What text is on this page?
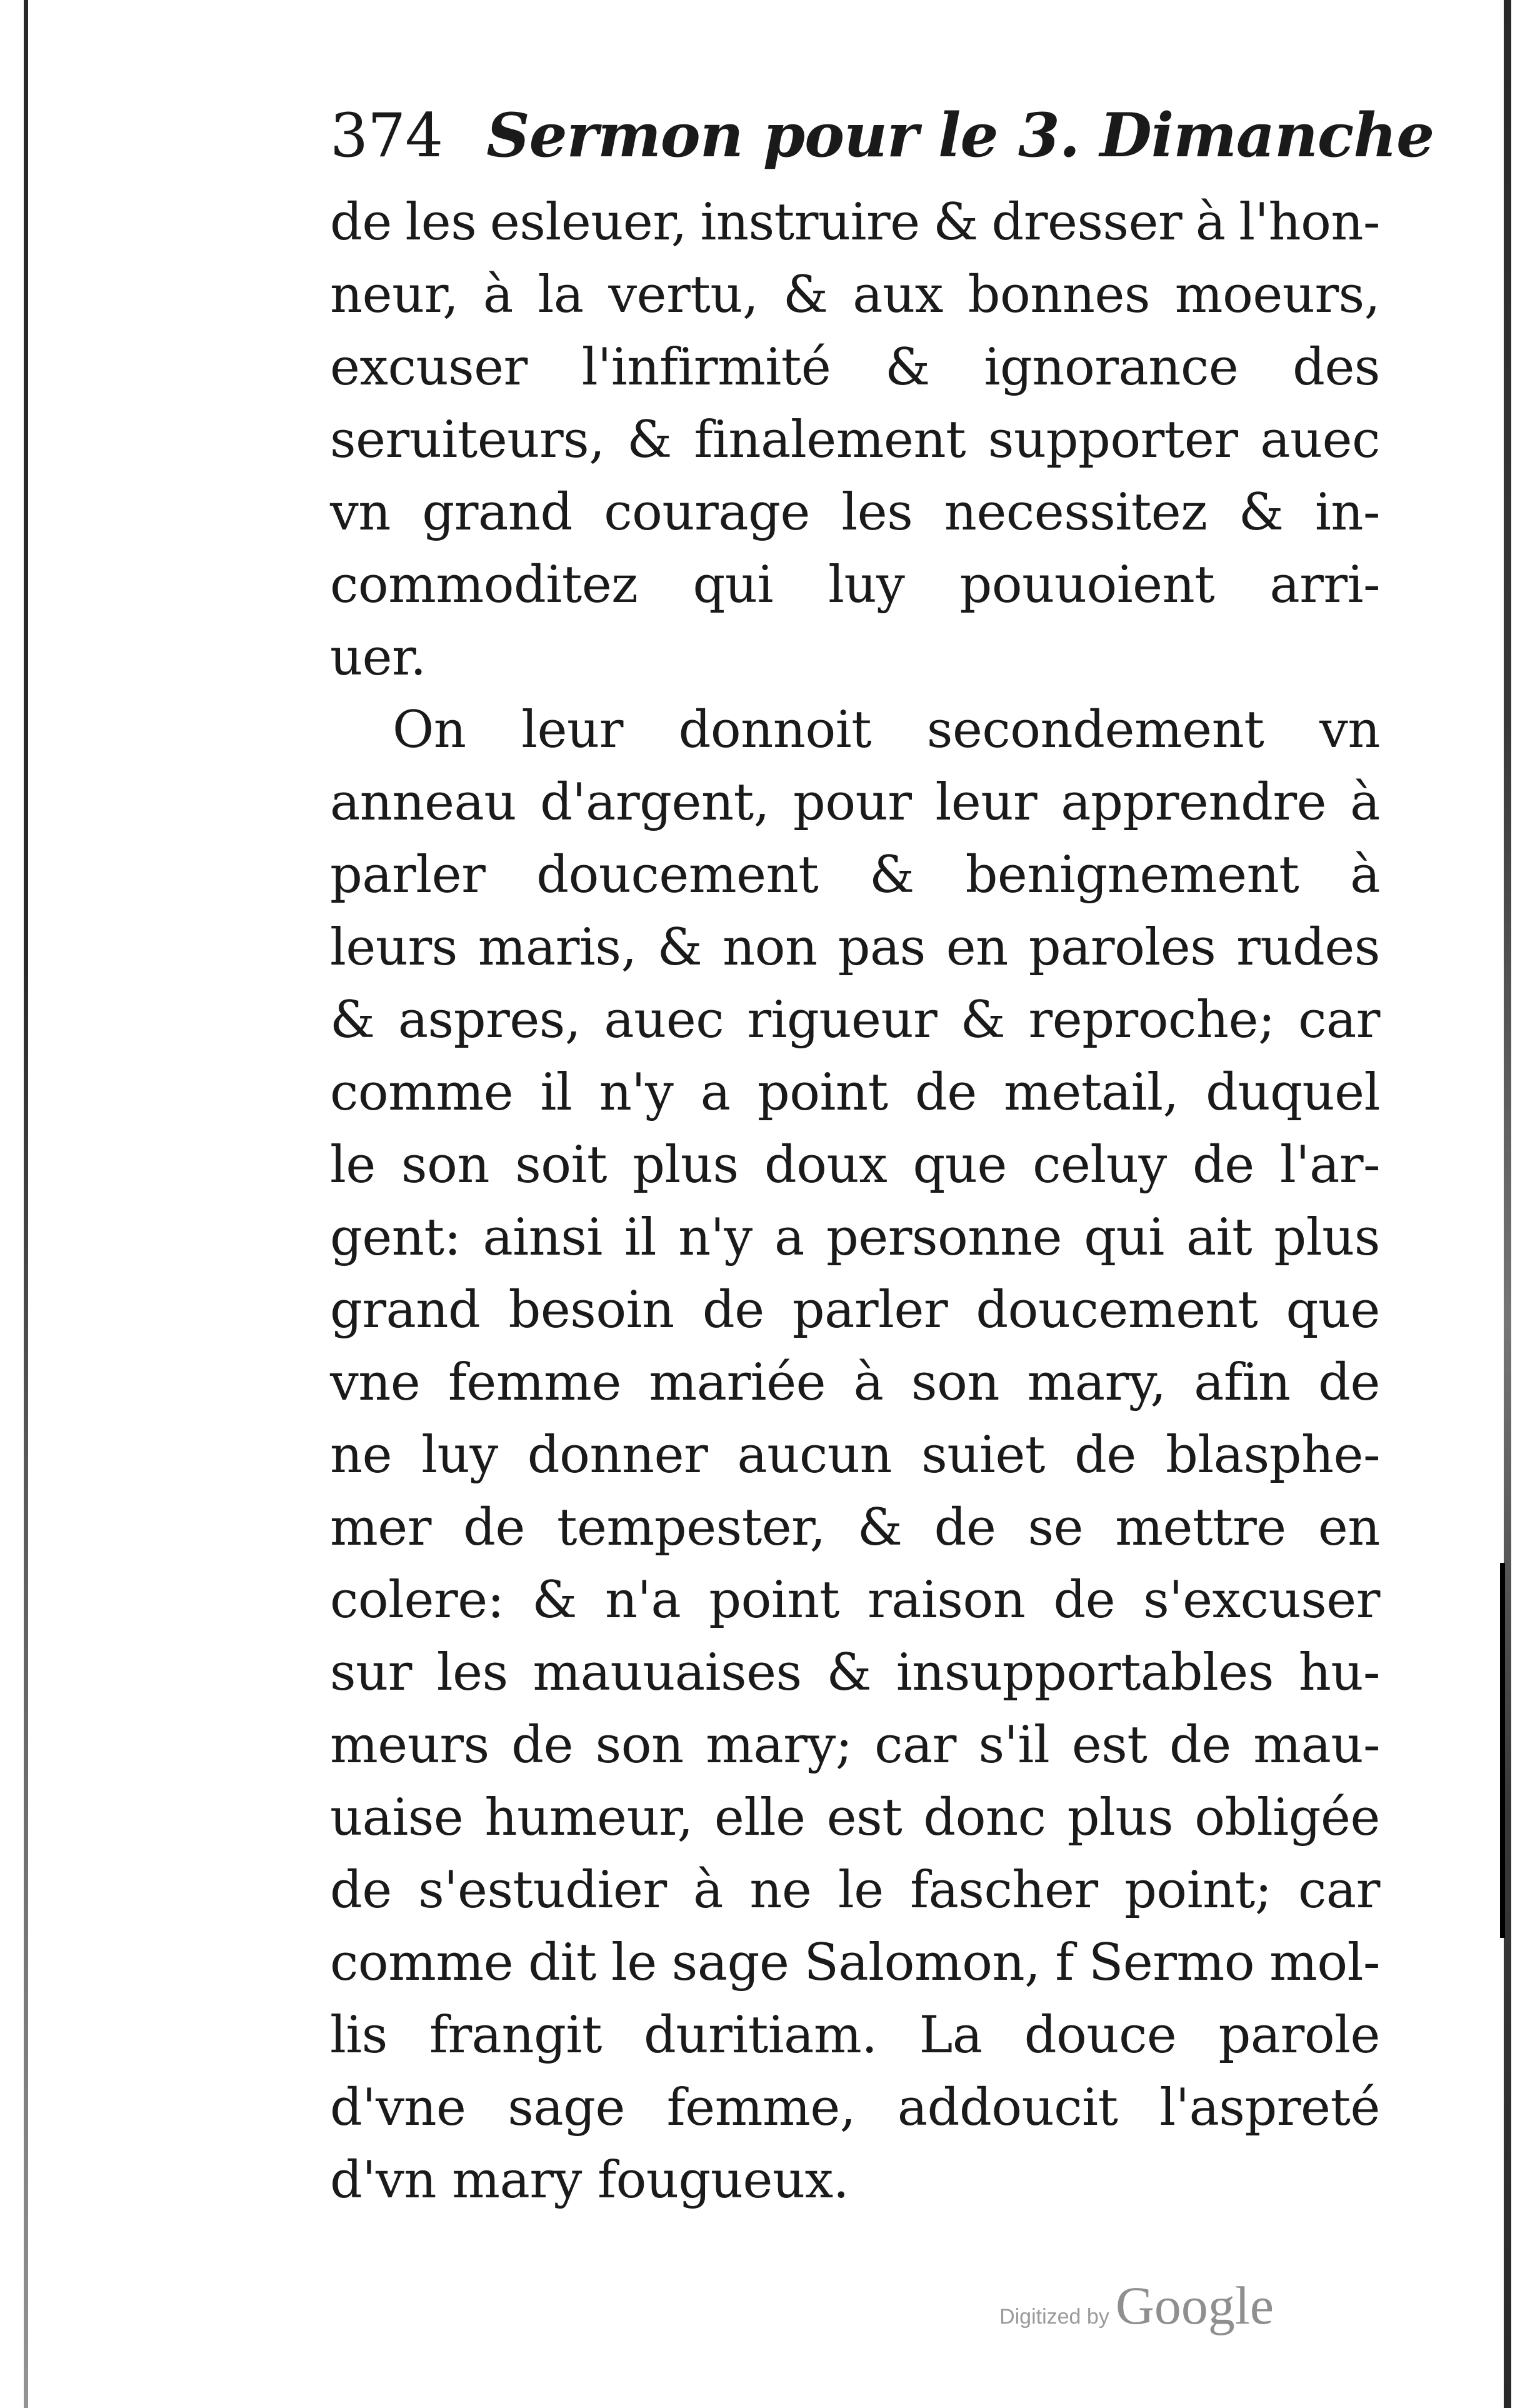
374 Sermon pour le 3. Dimanche
de les esleuer, instruire & dresser à l'hon-
neur, à la vertu, & aux bonnes moeurs,
excuser l'infirmité & ignorance des
seruiteurs, & finalement supporter auec
vn grand courage les necessitez & in-
commoditez qui luy pouuoient arri-
uer.
On leur donnoit secondement vn
anneau d'argent, pour leur apprendre à
parler doucement & benignement à
leurs maris, & non pas en paroles rudes
& aspres, auec rigueur & reproche; car
comme il n'y a point de metail, duquel
le son soit plus doux que celuy de l'ar-
gent: ainsi il n'y a personne qui ait plus
grand besoin de parler doucement que
vne femme mariée à son mary, afin de
ne luy donner aucun suiet de blasphe-
mer de tempester, & de se mettre en
colere: & n'a point raison de s'excuser
sur les mauuaises & insupportables hu-
meurs de son mary; car s'il est de mau-
uaise humeur, elle est donc plus obligée
de s'estudier à ne le fascher point; car
comme dit le sage Salomon, f Sermo mol-
lis frangit duritiam. La douce parole
d'vne sage femme, addoucit l'aspreté
d'vn mary fougueux.
Digitized by Google
